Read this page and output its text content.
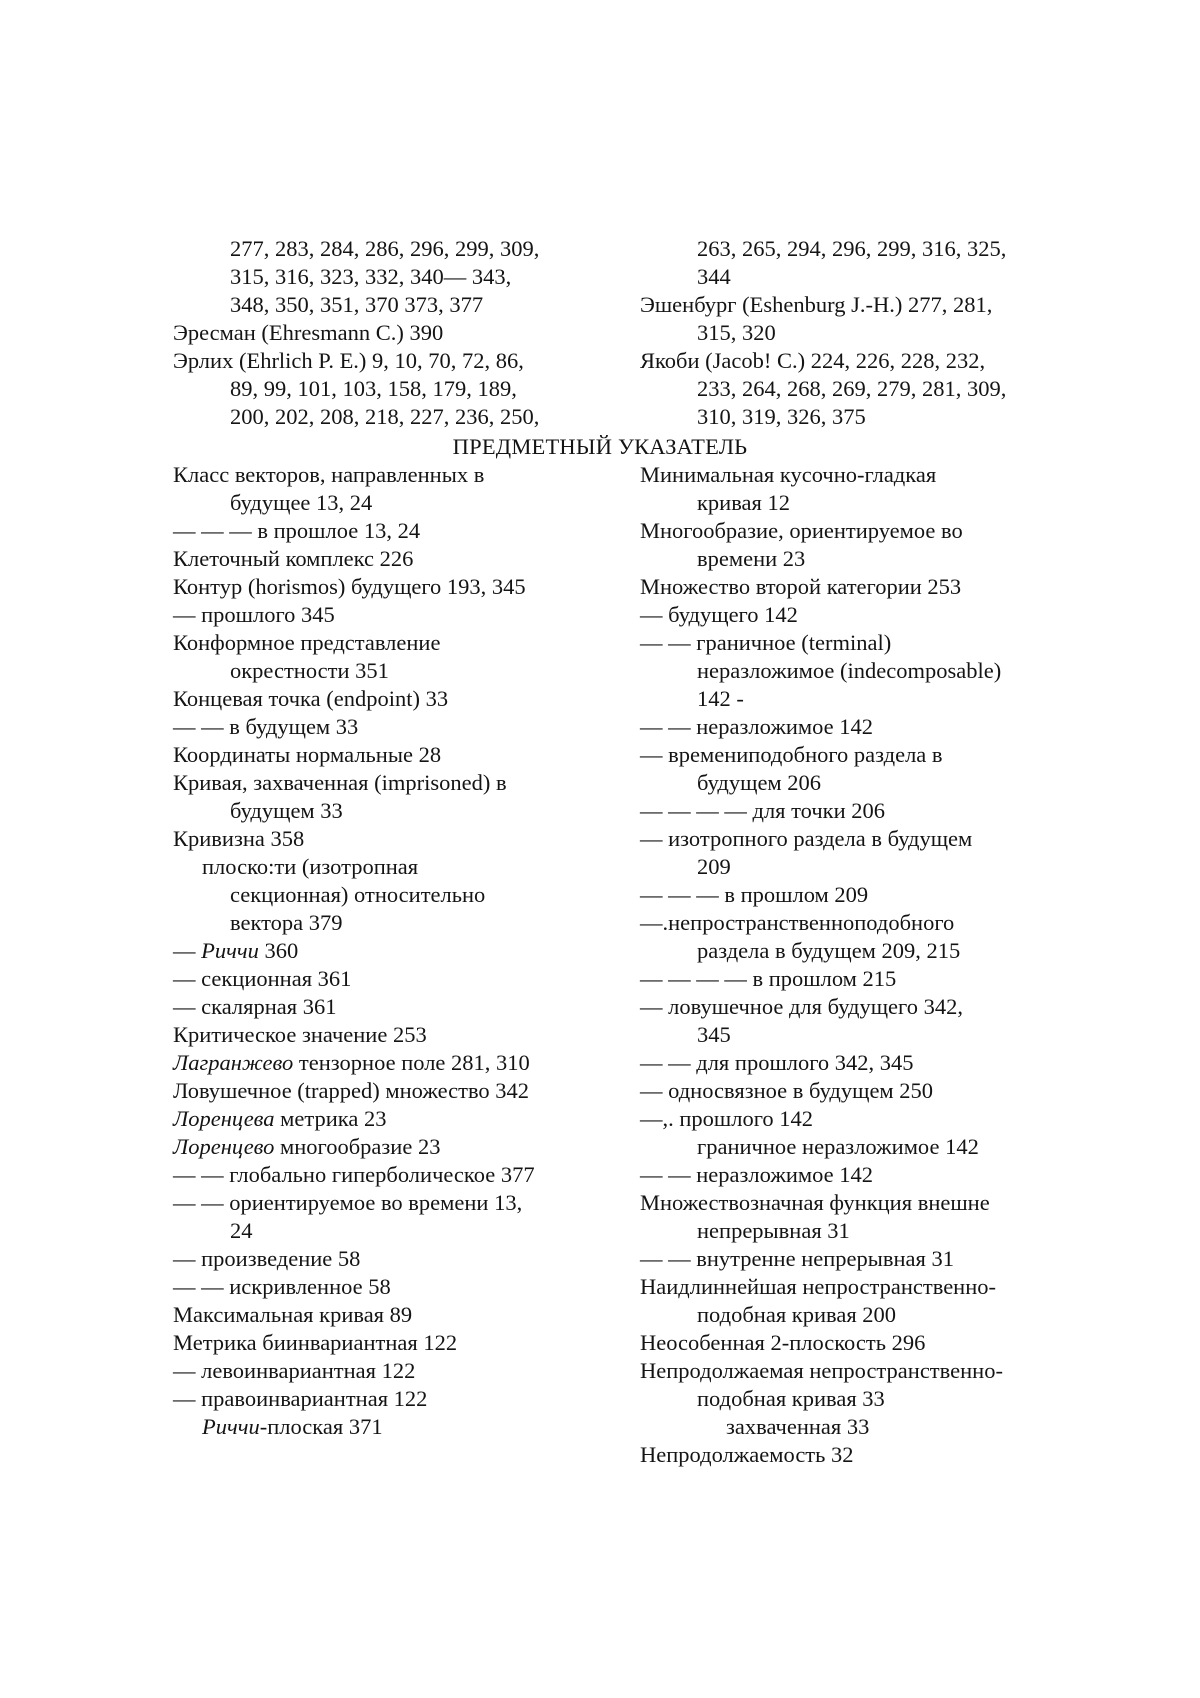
277, 283, 284, 286, 296, 299, 309,
315, 316, 323, 332, 340— 343,
348, 350, 351, 370 373, 377
Эресман (Ehresmann C.) 390
Эрлих (Ehrlich P. E.) 9, 10, 70, 72, 86,
89, 99, 101, 103, 158, 179, 189,
200, 202, 208, 218, 227, 236, 250,
263, 265, 294, 296, 299, 316, 325,
344
Эшенбург (Eshenburg J.-H.) 277, 281,
315, 320
Якоби (Jacob! C.) 224, 226, 228, 232,
233, 264, 268, 269, 279, 281, 309,
310, 319, 326, 375
ПРЕДМЕТНЫЙ УКАЗАТЕЛЬ
Класс векторов, направленных в
будущее 13, 24
— — — в прошлое 13, 24
Клеточный комплекс 226
Контур (horismos) будущего 193, 345
— прошлого 345
Конформное представление
окрестности 351
Концевая точка (endpoint) 33
— — в будущем 33
Координаты нормальные 28
Кривая, захваченная (imprisoned) в
будущем 33
Кривизна 358
плоско:ти (изотропная
секционная) относительно
вектора 379
— Риччи 360
— секционная 361
— скалярная 361
Критическое значение 253
Лагранжево тензорное поле 281, 310
Ловушечное (trapped) множество 342
Лоренцева метрика 23
Лоренцево многообразие 23
— — глобально гиперболическое 377
— — ориентируемое во времени 13,
24
— произведение 58
— — искривленное 58
Максимальная кривая 89
Метрика биинвариантная 122
— левоинвариантная 122
— правоинвариантная 122
Риччи-плоская 371
Минимальная кусочно-гладкая
кривая 12
Многообразие, ориентируемое во
времени 23
Множество второй категории 253
— будущего 142
— — граничное (terminal)
неразложимое (indecomposable)
142 -
— — неразложимое 142
— времениподобного раздела в
будущем 206
— — — — для точки 206
— изотропного раздела в будущем
209
— — — в прошлом 209
—.непространственноподобного
раздела в будущем 209, 215
— — — — в прошлом 215
— ловушечное для будущего 342,
345
— — для прошлого 342, 345
— односвязное в будущем 250
—,. прошлого 142
граничное неразложимое 142
— — неразложимое 142
Множествозначная функция внешне
непрерывная 31
— — внутренне непрерывная 31
Наидлиннейшая непространственно-
подобная кривая 200
Неособенная 2-плоскость 296
Непродолжаемая непространственно-
подобная кривая 33
захваченная 33
Непродолжаемость 32
